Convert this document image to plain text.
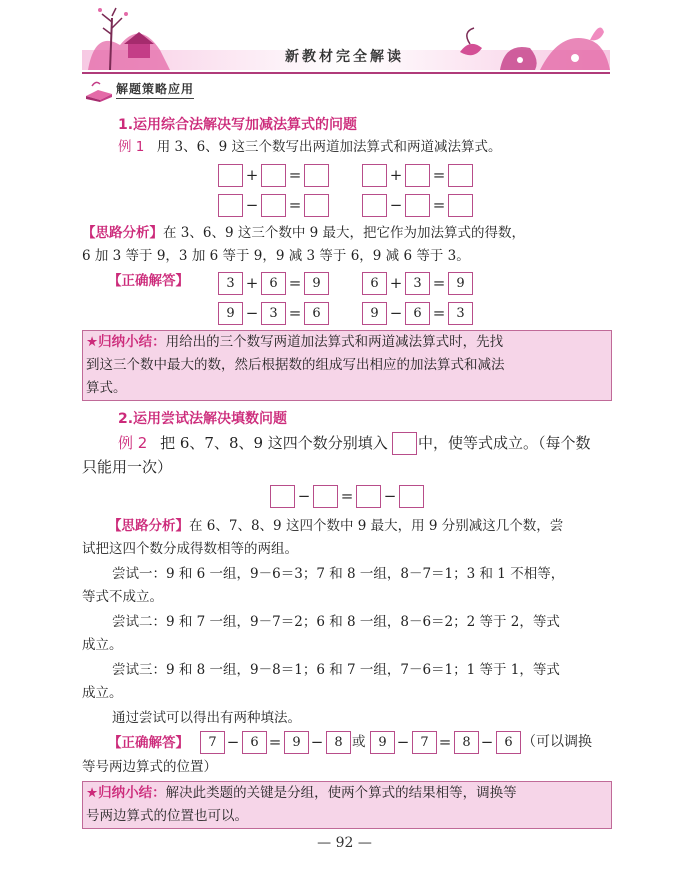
新教材完全解读
解题策略应用
1.运用综合法解决写加减法算式的问题
例 1 用 3、6、9 这三个数写出两道加法算式和两道减法算式。
+ =	+ =
− =	− =
【思路分析】在 3、6、9 这三个数中 9 最大，把它作为加法算式的得数，
6 加 3 等于 9，3 加 6 等于 9，9 减 3 等于 6，9 减 6 等于 3。
【正确解答】	3 + 6 = 9	6 + 3 = 9
9 − 3 = 6	9 − 6 = 3
★归纳小结：用给出的三个数写两道加法算式和两道减法算式时，先找
到这三个数中最大的数，然后根据数的组成写出相应的加法算式和减法
算式。
2.运用尝试法解决填数问题
例 2 把 6、7、8、9 这四个数分别填入 中，使等式成立。（每个数
只能用一次）
− = −
【思路分析】在 6、7、8、9 这四个数中 9 最大，用 9 分别减这几个数，尝
试把这四个数分成得数相等的两组。
尝试一：9 和 6 一组，9－6＝3；7 和 8 一组，8－7＝1；3 和 1 不相等，
等式不成立。
尝试二：9 和 7 一组，9－7＝2；6 和 8 一组，8－6＝2；2 等于 2，等式
成立。
尝试三：9 和 8 一组，9－8＝1；6 和 7 一组，7－6＝1；1 等于 1，等式
成立。
通过尝试可以得出有两种填法。
【正确解答】	7 − 6 = 9 − 8 或 9 − 7 = 8 − 6 （可以调换
等号两边算式的位置）
★归纳小结：解决此类题的关键是分组，使两个算式的结果相等，调换等
号两边算式的位置也可以。
— 92 —
